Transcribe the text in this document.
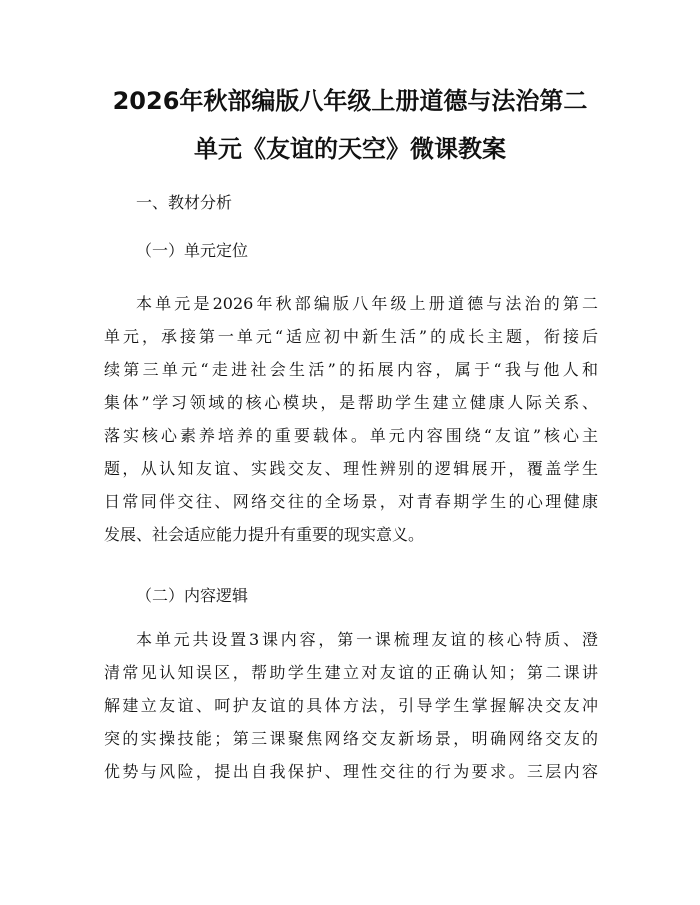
2026年秋部编版八年级上册道德与法治第二
单元《友谊的天空》微课教案

一、教材分析

（一）单元定位

本单元是2026年秋部编版八年级上册道德与法治的第二
单元，承接第一单元“适应初中新生活”的成长主题，衔接后
续第三单元“走进社会生活”的拓展内容，属于“我与他人和
集体”学习领域的核心模块，是帮助学生建立健康人际关系、
落实核心素养培养的重要载体。单元内容围绕“友谊”核心主
题，从认知友谊、实践交友、理性辨别的逻辑展开，覆盖学生
日常同伴交往、网络交往的全场景，对青春期学生的心理健康
发展、社会适应能力提升有重要的现实意义。

（二）内容逻辑

本单元共设置3课内容，第一课梳理友谊的核心特质、澄
清常见认知误区，帮助学生建立对友谊的正确认知；第二课讲
解建立友谊、呵护友谊的具体方法，引导学生掌握解决交友冲
突的实操技能；第三课聚焦网络交友新场景，明确网络交友的
优势与风险，提出自我保护、理性交往的行为要求。三层内容
